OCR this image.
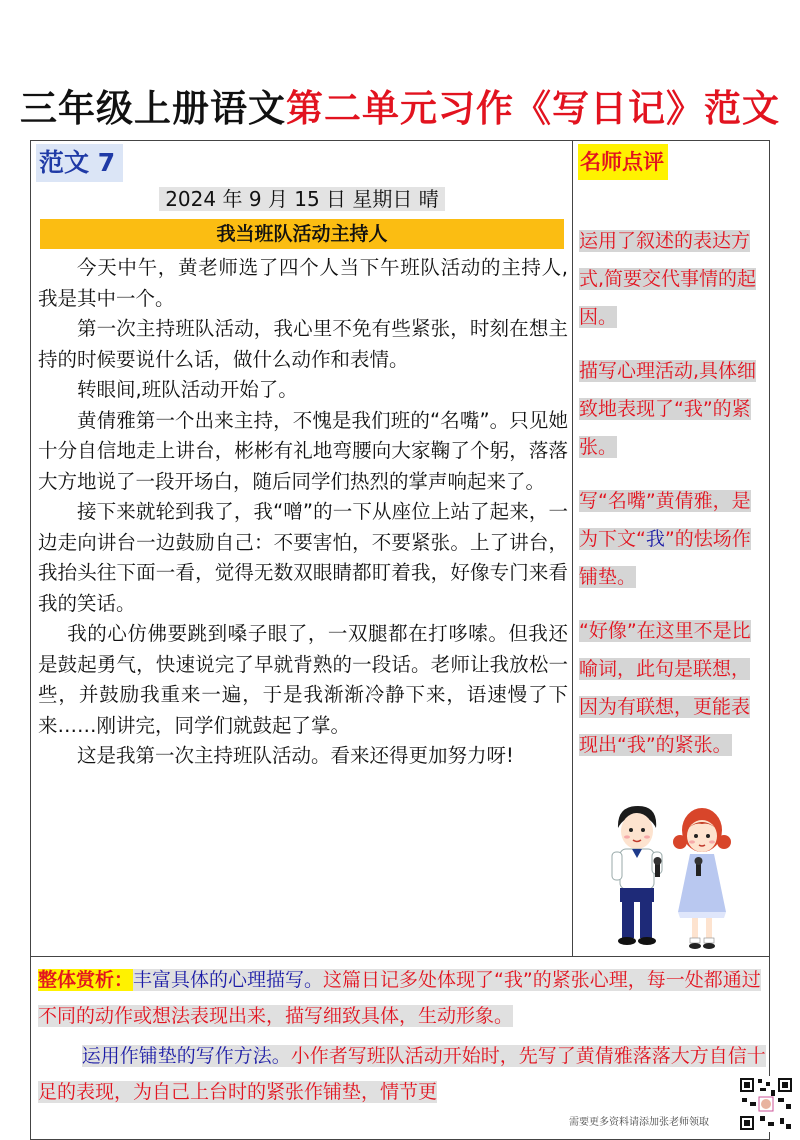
三年级上册语文第二单元习作《写日记》范文
范文 7
2024 年 9 月 15 日 星期日 晴
我当班队活动主持人

今天中午，黄老师选了四个人当下午班队活动的主持人,我是其中一个。

第一次主持班队活动，我心里不免有些紧张，时刻在想主持的时候要说什么话，做什么动作和表情。

转眼间,班队活动开始了。

黄倩雅第一个出来主持，不愧是我们班的“名嘴”。只见她十分自信地走上讲台，彬彬有礼地弯腰向大家鞠了个躬，落落大方地说了一段开场白，随后同学们热烈的掌声响起来了。

接下来就轮到我了，我“噌”的一下从座位上站了起来，一边走向讲台一边鼓励自己：不要害怕，不要紧张。上了讲台，我抬头往下面一看，觉得无数双眼睛都盯着我，好像专门来看我的笑话。

我的心仿佛要跳到嗓子眼了，一双腿都在打哆嗦。但我还是鼓起勇气，快速说完了早就背熟的一段话。老师让我放松一些，并鼓励我重来一遍，于是我渐渐冷静下来，语速慢了下来……刚讲完，同学们就鼓起了掌。

这是我第一次主持班队活动。看来还得更加努力呀!

名师点评
运用了叙述的表达方式,简要交代事情的起因。
描写心理活动,具体细致地表现了“我”的紧张。
写“名嘴”黄倩雅，是为下文“我”的怯场作铺垫。
“好像”在这里不是比喻词，此句是联想，因为有联想，更能表现出“我”的紧张。

整体赏析：丰富具体的心理描写。这篇日记多处体现了“我”的紧张心理，每一处都通过不同的动作或想法表现出来，描写细致具体，生动形象。

运用作铺垫的写作方法。小作者写班队活动开始时，先写了黄倩雅落落大方自信十足的表现，为自己上台时的紧张作铺垫，情节更

需要更多资料请添加张老师领取
